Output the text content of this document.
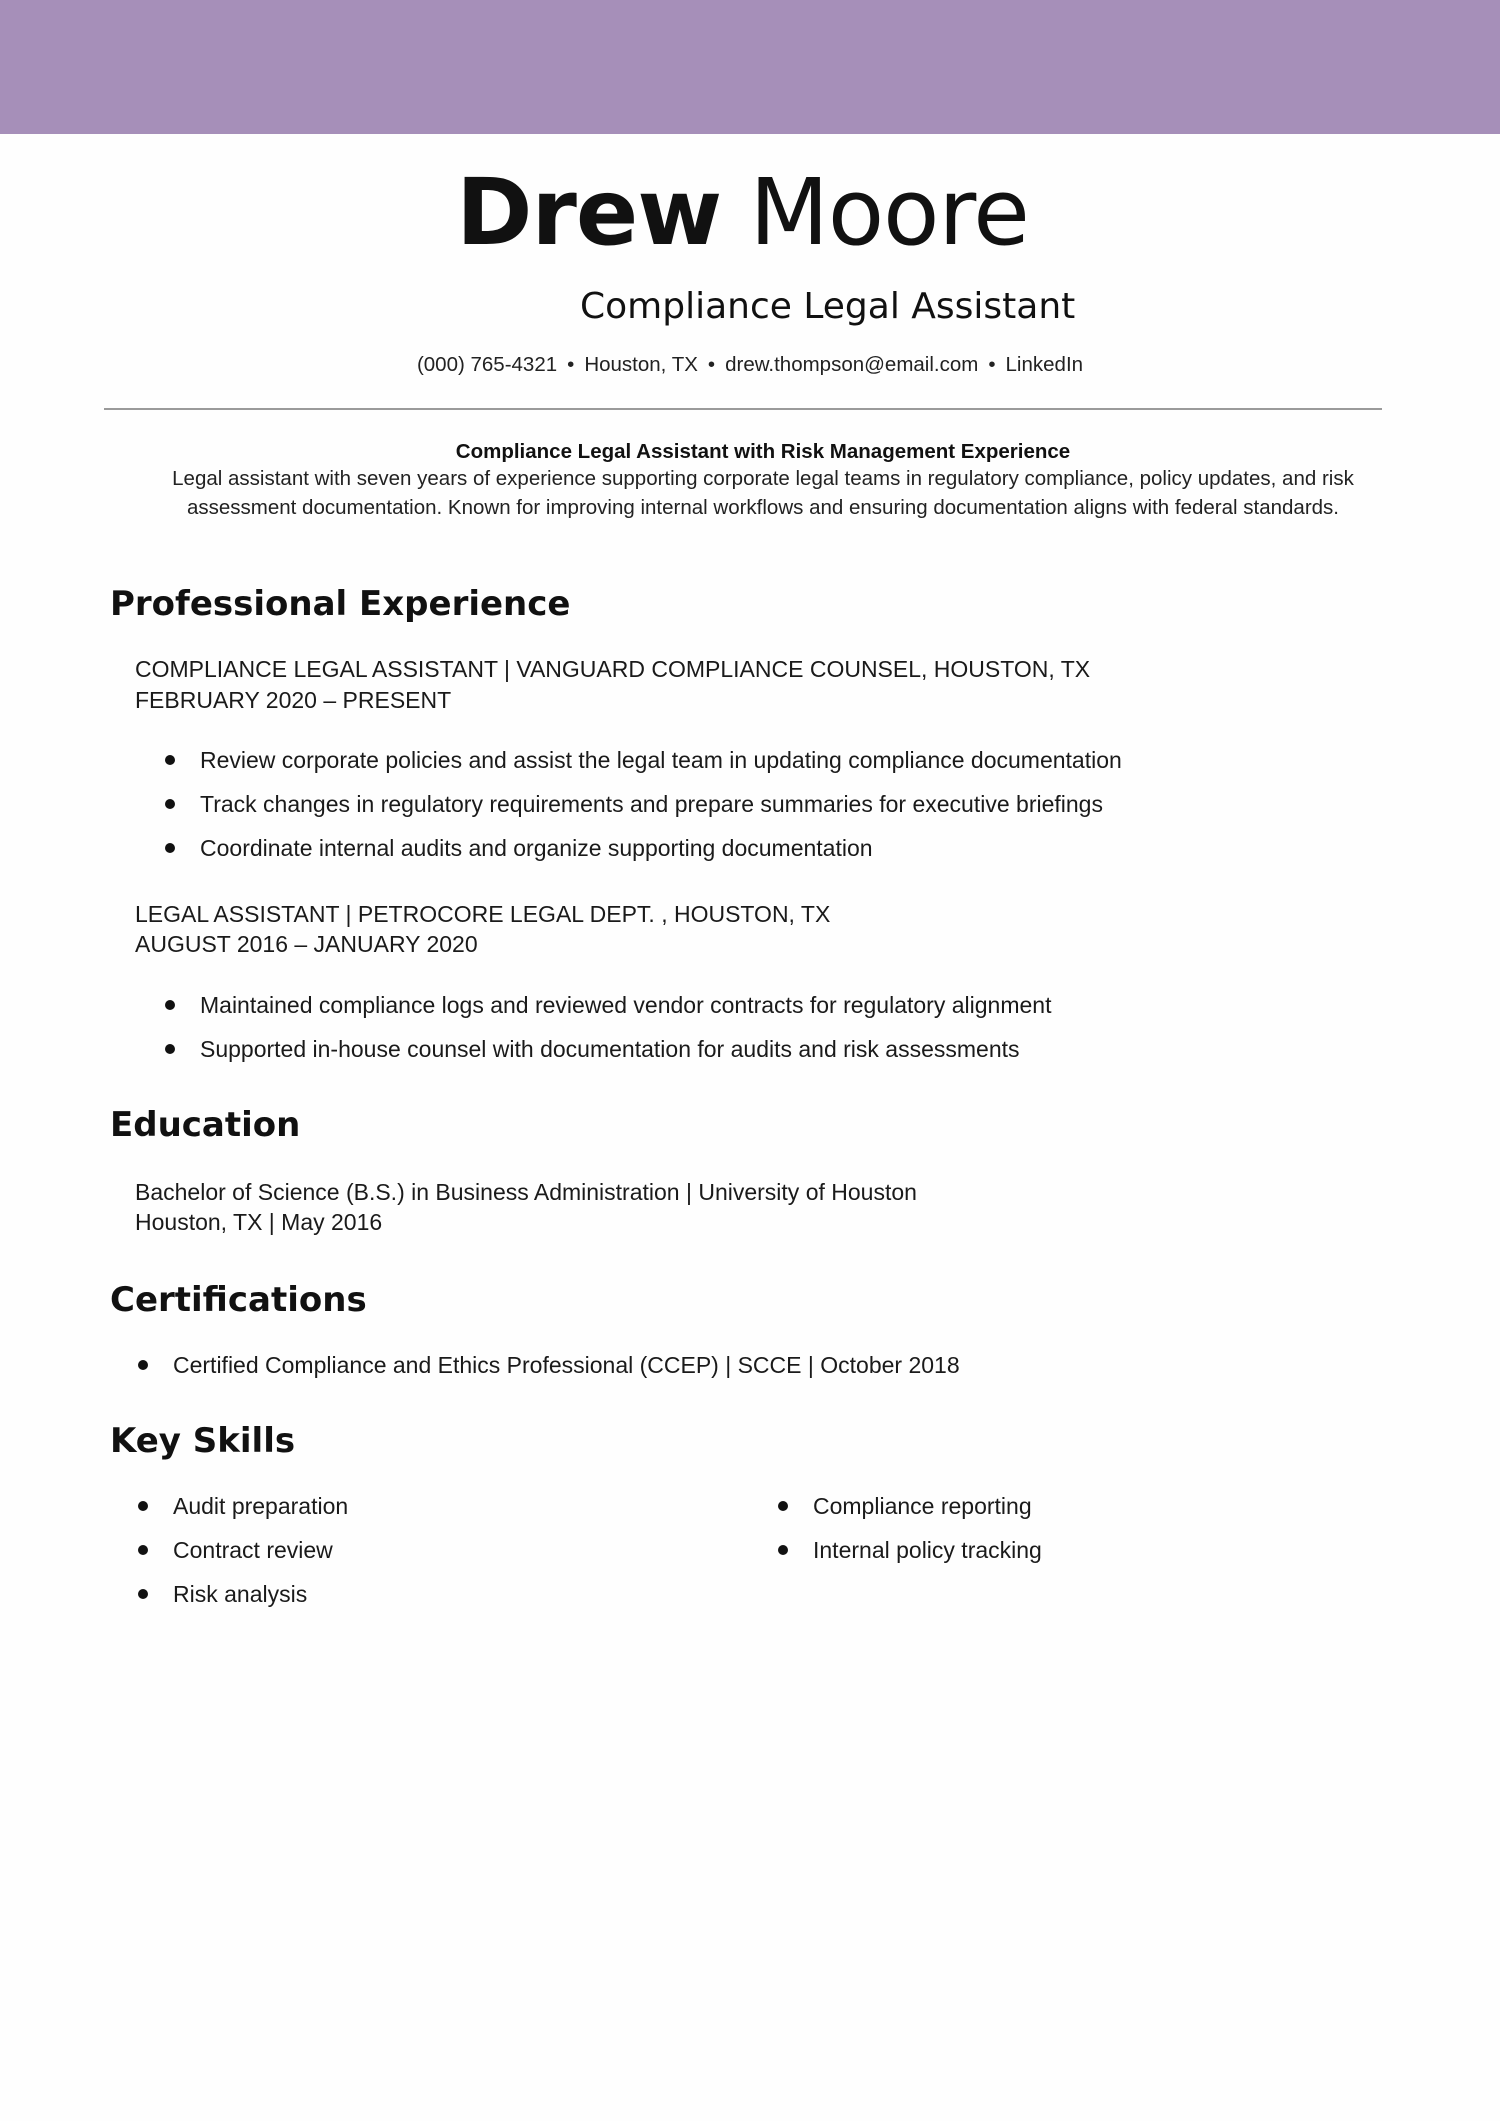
Drew Moore
Compliance Legal Assistant
(000) 765-4321 • Houston, TX • drew.thompson@email.com • LinkedIn
Compliance Legal Assistant with Risk Management Experience
Legal assistant with seven years of experience supporting corporate legal teams in regulatory compliance, policy updates, and risk assessment documentation. Known for improving internal workflows and ensuring documentation aligns with federal standards.
Professional Experience
COMPLIANCE LEGAL ASSISTANT | VANGUARD COMPLIANCE COUNSEL, HOUSTON, TX
FEBRUARY 2020 – PRESENT
Review corporate policies and assist the legal team in updating compliance documentation
Track changes in regulatory requirements and prepare summaries for executive briefings
Coordinate internal audits and organize supporting documentation
LEGAL ASSISTANT | PETROCORE LEGAL DEPT. , HOUSTON, TX
AUGUST 2016 – JANUARY 2020
Maintained compliance logs and reviewed vendor contracts for regulatory alignment
Supported in-house counsel with documentation for audits and risk assessments
Education
Bachelor of Science (B.S.) in Business Administration | University of Houston
Houston, TX | May 2016
Certifications
Certified Compliance and Ethics Professional (CCEP) | SCCE | October 2018
Key Skills
Audit preparation
Contract review
Risk analysis
Compliance reporting
Internal policy tracking
